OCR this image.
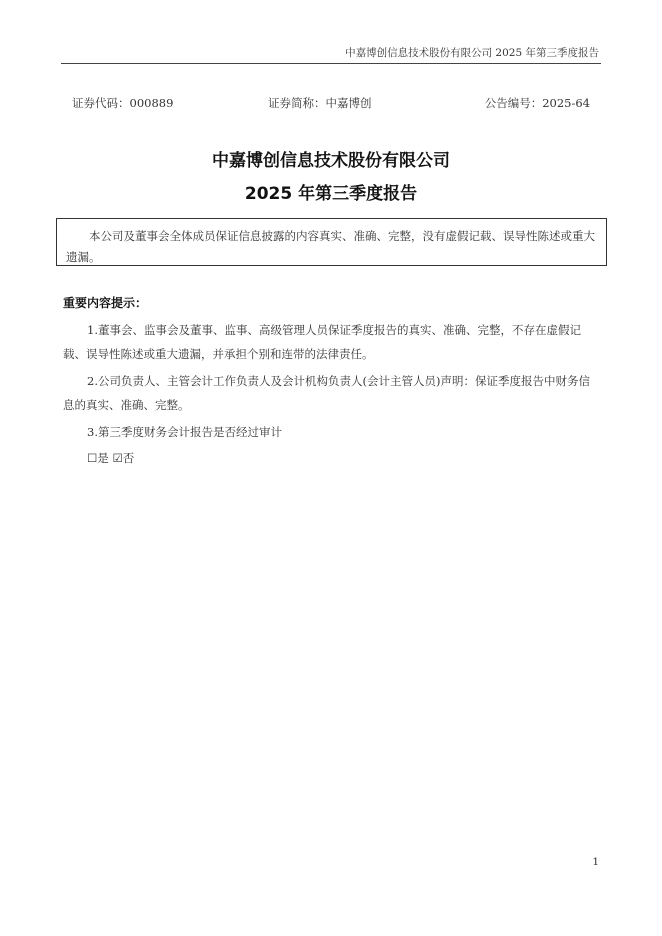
中嘉博创信息技术股份有限公司 2025 年第三季度报告
证券代码：000889	证券简称：中嘉博创	公告编号：2025-64
中嘉博创信息技术股份有限公司
2025 年第三季度报告
本公司及董事会全体成员保证信息披露的内容真实、准确、完整，没有虚假记载、误导性陈述或重大遗漏。
重要内容提示：
1.董事会、监事会及董事、监事、高级管理人员保证季度报告的真实、准确、完整，不存在虚假记载、误导性陈述或重大遗漏，并承担个别和连带的法律责任。
2.公司负责人、主管会计工作负责人及会计机构负责人(会计主管人员)声明：保证季度报告中财务信息的真实、准确、完整。
3.第三季度财务会计报告是否经过审计
☐是 ☑否
1
